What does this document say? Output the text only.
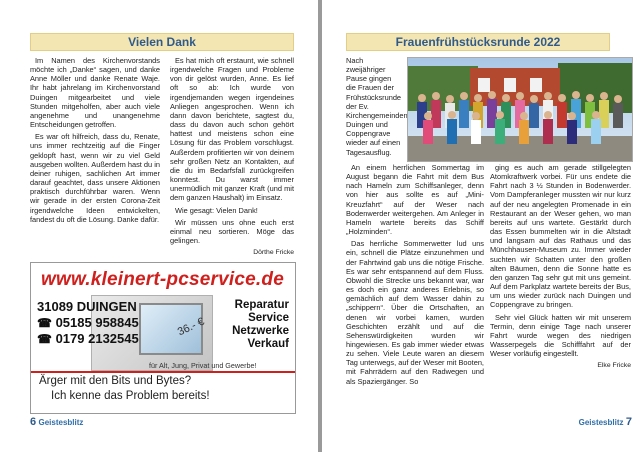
Vielen Dank

Im Namen des Kirchenvorstands möchte ich „Danke“ sagen, und danke Anne Möller und danke Renate Waje. Ihr habt jahrelang im Kirchenvorstand Duingen mitgearbeitet und viele Stunden mitgeholfen, aber auch viele angenehme und unangenehme Entscheidungen getroffen.

Es war oft hilfreich, dass du, Renate, uns immer rechtzeitig auf die Finger geklopft hast, wenn wir zu viel Geld ausgeben wollten. Außerdem hast du in deiner ruhigen, sachlichen Art immer darauf geachtet, dass unsere Aktionen praktisch durchführbar waren. Wenn wir gerade in der ersten Corona-Zeit irgendwelche Ideen entwickelten, fandest du oft die Lösung. Danke dafür.

Es hat mich oft erstaunt, wie schnell irgendwelche Fragen und Probleme von dir gelöst wurden, Anne. Es lief oft so ab: Ich wurde von irgendjemanden wegen irgendeines Anliegen angesprochen. Wenn ich dann davon berichtete, sagtest du, dass du davon auch schon gehört hattest und meistens schon eine Lösung für das Problem vorschlugst. Außerdem profitierten wir von deinem sehr großen Netz an Kontakten, auf die du im Bedarfsfall zurückgreifen konntest. Du warst immer unermüdlich mit ganzer Kraft (und mit dem ganzen Haushalt) im Einsatz.

Wie gesagt: Vielen Dank!

Wir müssen uns ohne euch erst einmal neu sortieren. Möge das gelingen.

Dörthe Fricke
www.kleinert-pcservice.de
36.- €
31089 DUINGEN
☎ 05185 958845
☎ 0179 2132545
Reparatur
Service
Netzwerke
Verkauf
für Alt, Jung, Privat und Gewerbe!
Ärger mit den Bits und Bytes?
Ich kenne das Problem bereits!
6 Geistesblitz
Frauenfrühstücksrunde 2022
Nach zweijähriger Pause gingen die Frauen der Frühstücksrunde der Ev. Kirchengemeinden Duingen und Coppengrave wieder auf einen Tagesausflug.

An einem herrlichen Sommertag im August begann die Fahrt mit dem Bus nach Hameln zum Schiffsanleger, denn von hier aus sollte es auf „Mini-Kreuzfahrt“ auf der Weser nach Bodenwerder weitergehen. Am Anleger in Hameln wartete bereits das Schiff „Holzminden“.

Das herrliche Sommerwetter lud uns ein, schnell die Plätze einzunehmen und der Fahrtwind gab uns die nötige Frische. Es war sehr entspannend auf dem Fluss. Obwohl die Strecke uns bekannt war, war es doch ein ganz anderes Erlebnis, so gemächlich auf dem Wasser dahin zu „schippern“. Über die Ortschaften, an denen wir vorbei kamen, wurden Geschichten erzählt und auf die Sehenswürdigkeiten wurden wir hingewiesen. Es gab immer wieder etwas zu sehen. Viele Leute waren an diesem Tag unterwegs, auf der Weser mit Booten, mit Fahrrädern auf den Radwegen und als Spaziergänger. So

ging es auch am gerade stillgelegten Atomkraftwerk vorbei. Für uns endete die Fahrt nach 3 ½ Stunden in Bodenwerder. Vom Dampferanleger mussten wir nur kurz auf der neu angelegten Promenade in ein Restaurant an der Weser gehen, wo man bereits auf uns wartete. Gestärkt durch das Essen bummelten wir in die Altstadt und langsam auf das Rathaus und das Münchhausen-Museum zu. Immer wieder suchten wir Schatten unter den großen alten Bäumen, denn die Sonne hatte es den ganzen Tag sehr gut mit uns gemeint. Auf dem Parkplatz wartete bereits der Bus, um uns wieder zurück nach Duingen und Coppengrave zu bringen.

Sehr viel Glück hatten wir mit unserem Termin, denn einige Tage nach unserer Fahrt wurde wegen des niedrigen Wasserpegels die Schifffahrt auf der Weser vorläufig eingestellt.

Elke Fricke
Geistesblitz 7
